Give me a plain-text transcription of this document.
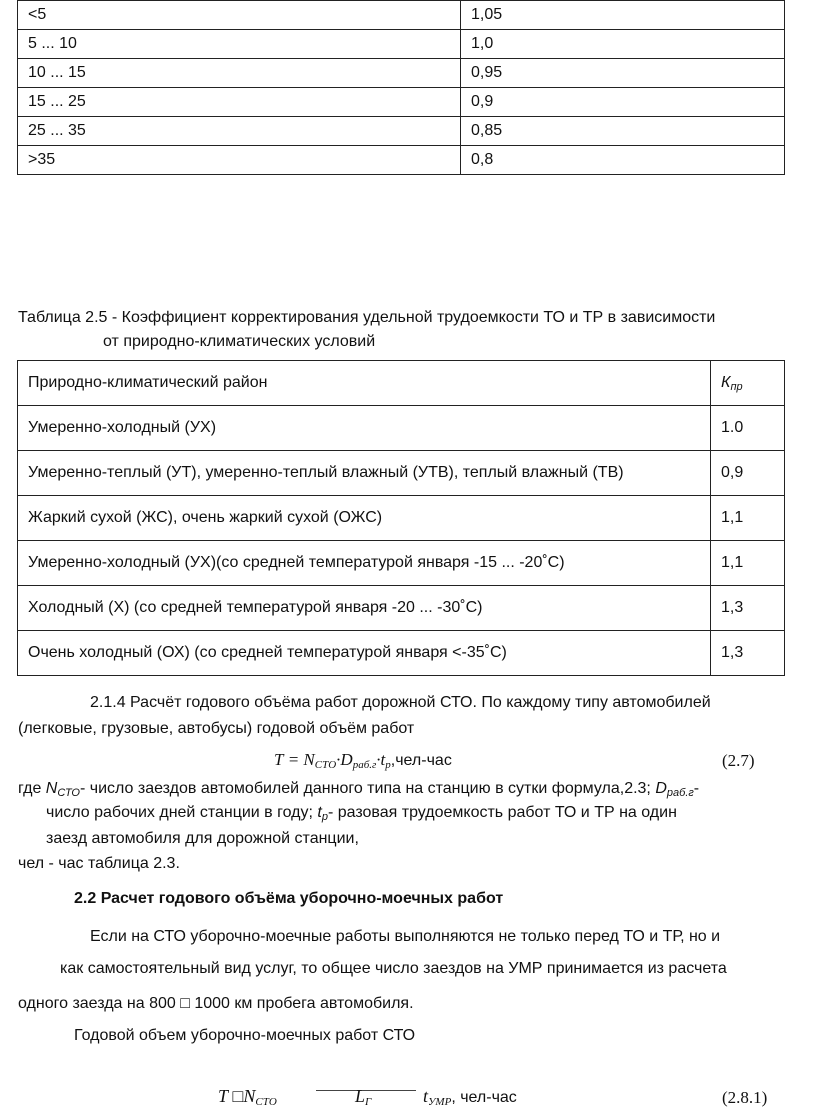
<5	1,05
5 ... 10	1,0
10 ... 15	0,95
15 ... 25	0,9
25 ... 35	0,85
>35	0,8
Таблица 2.5 - Коэффициент корректирования удельной трудоемкости ТО и ТР в зависимости
от природно-климатических условий
Природно-климатический район	$К_{пр}$
Умеренно-холодный (УХ)	1.0
Умеренно-теплый (УТ), умеренно-теплый влажный (УТВ), теплый влажный (ТВ)	0,9
Жаркий сухой (ЖС), очень жаркий сухой (ОЖС)	1,1
Умеренно-холодный (УХ)(со средней температурой января -15 ... -20˚С)	1,1
Холодный (Х) (со средней температурой января -20 ... -30˚С)	1,3
Очень холодный (ОХ) (со средней температурой января <-35˚С)	1,3
2.1.4 Расчёт годового объёма работ дорожной СТО. По каждому типу автомобилей
(легковые, грузовые, автобусы) годовой объём работ
$Т = N_{СТО}\cdot D_{раб.г}\cdot t_р,чел$-час	(2.7)
где $N_{СТО}-$ число заездов автомобилей данного типа на станцию в сутки формула,2.3; $D_{раб.г}-$
число рабочих дней станции в году; $t_р-$ разовая трудоемкость работ ТО и ТР на один
заезд автомобиля для дорожной станции,
чел - час таблица 2.3.
2.2 Расчет годового объёма уборочно-моечных работ
Если на СТО уборочно-моечные работы выполняются не только перед ТО и ТР, но и
как самостоятельный вид услуг, то общее число заездов на УМР принимается из расчета
одного заезда на 800 □ 1000 км пробега автомобиля.
Годовой объем уборочно-моечных работ СТО
Т $□N_{СТО}$	$L_Г$	$t_{УМР}$, чел-час	(2.8.1)
